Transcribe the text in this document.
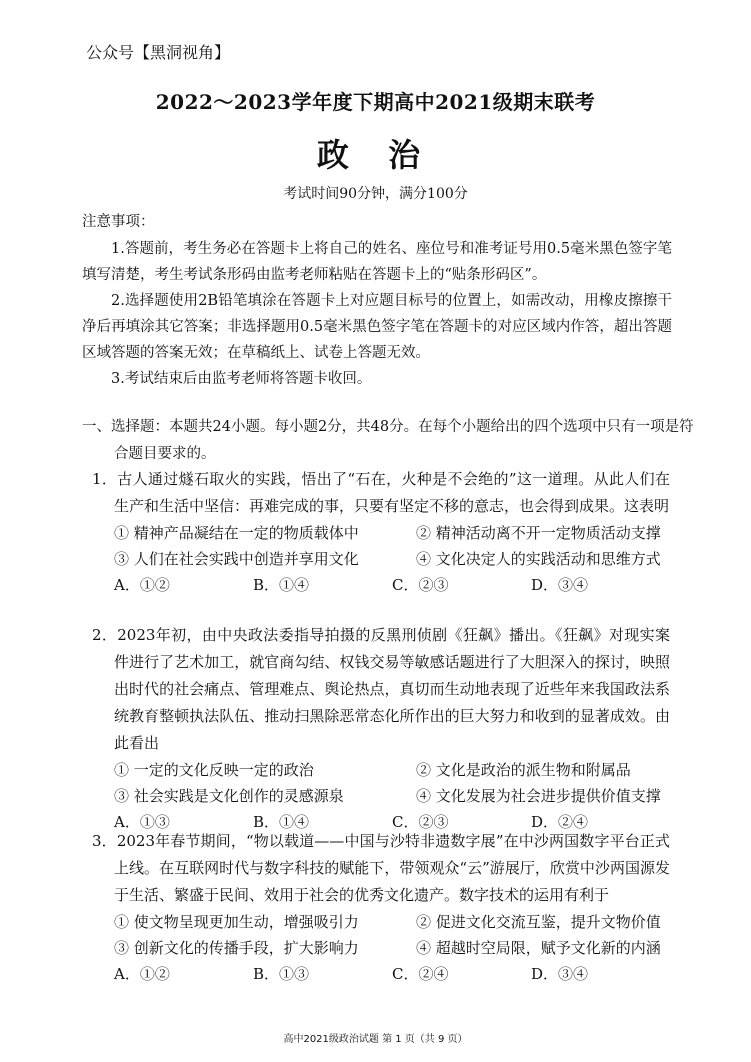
公众号【黑洞视角】
2022～2023学年度下期高中2021级期末联考
政 治
考试时间90分钟，满分100分
注意事项：
1.答题前，考生务必在答题卡上将自己的姓名、座位号和准考证号用0.5毫米黑色签字笔填写清楚，考生考试条形码由监考老师粘贴在答题卡上的“贴条形码区”。
2.选择题使用2B铅笔填涂在答题卡上对应题目标号的位置上，如需改动，用橡皮擦擦干净后再填涂其它答案；非选择题用0.5毫米黑色签字笔在答题卡的对应区域内作答，超出答题区域答题的答案无效；在草稿纸上、试卷上答题无效。
3.考试结束后由监考老师将答题卡收回。
一、选择题：本题共24小题。每小题2分，共48分。在每个小题给出的四个选项中只有一项是符合题目要求的。
1．古人通过燧石取火的实践，悟出了“石在，火种是不会绝的”这一道理。从此人们在生产和生活中坚信：再难完成的事，只要有坚定不移的意志，也会得到成果。这表明
① 精神产品凝结在一定的物质载体中	② 精神活动离不开一定物质活动支撑
③ 人们在社会实践中创造并享用文化	④ 文化决定人的实践活动和思维方式
A．①②	B．①④	C．②③	D．③④
2．2023年初，由中央政法委指导拍摄的反黑刑侦剧《狂飙》播出。《狂飙》对现实案件进行了艺术加工，就官商勾结、权钱交易等敏感话题进行了大胆深入的探讨，映照出时代的社会痛点、管理难点、舆论热点，真切而生动地表现了近些年来我国政法系统教育整顿执法队伍、推动扫黑除恶常态化所作出的巨大努力和收到的显著成效。由此看出
① 一定的文化反映一定的政治	② 文化是政治的派生物和附属品
③ 社会实践是文化创作的灵感源泉	④ 文化发展为社会进步提供价值支撑
A．①③	B．①④	C．②③	D．②④
3．2023年春节期间，“物以载道——中国与沙特非遗数字展”在中沙两国数字平台正式上线。在互联网时代与数字科技的赋能下，带领观众“云”游展厅，欣赏中沙两国源发于生活、繁盛于民间、效用于社会的优秀文化遗产。数字技术的运用有利于
① 使文物呈现更加生动，增强吸引力	② 促进文化交流互鉴，提升文物价值
③ 创新文化的传播手段，扩大影响力	④ 超越时空局限，赋予文化新的内涵
A．①②	B．①③	C．②④	D．③④
高中2021级政治试题 第 1 页（共 9 页）
